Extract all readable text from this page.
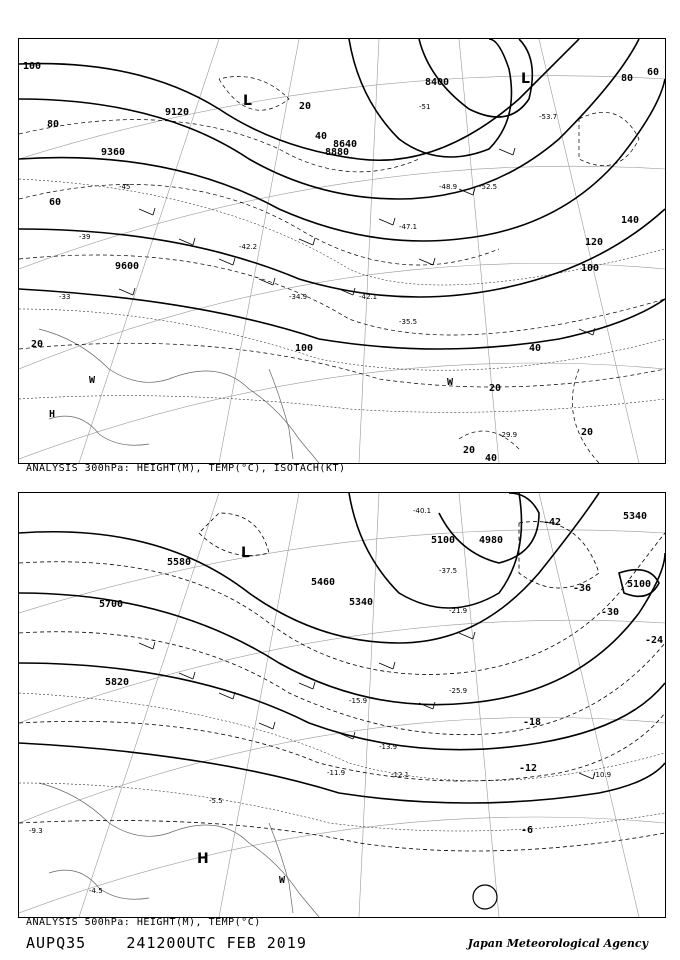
9120
9360
9600
8640
8880
8400
100
80
60
20
40
20
100
120
140
100
80
60
40
20
20
40
20
L
L
W	W
H
-45
-39
-33
-51
-53.7
-47.1
-42.1
-35.5
-34.9
-29.9
-42.2
-48.9	-52.5
ANALYSIS 300hPa: HEIGHT(M), TEMP(°C), ISOTACH(KT)
5580
5700
5820
5460
5340
5100 4980
5100
5340
-42
-36
-30
-24
-18
-12
-6
L
H
W
-40.1
-37.5
-25.9
-21.9
-15.9
-13.9
-12.1
-11.9	-10.9
-5.5
-4.5
-9.3
ANALYSIS 500hPa: HEIGHT(M), TEMP(°C)
AUPQ35	241200UTC FEB 2019	Japan Meteorological Agency
